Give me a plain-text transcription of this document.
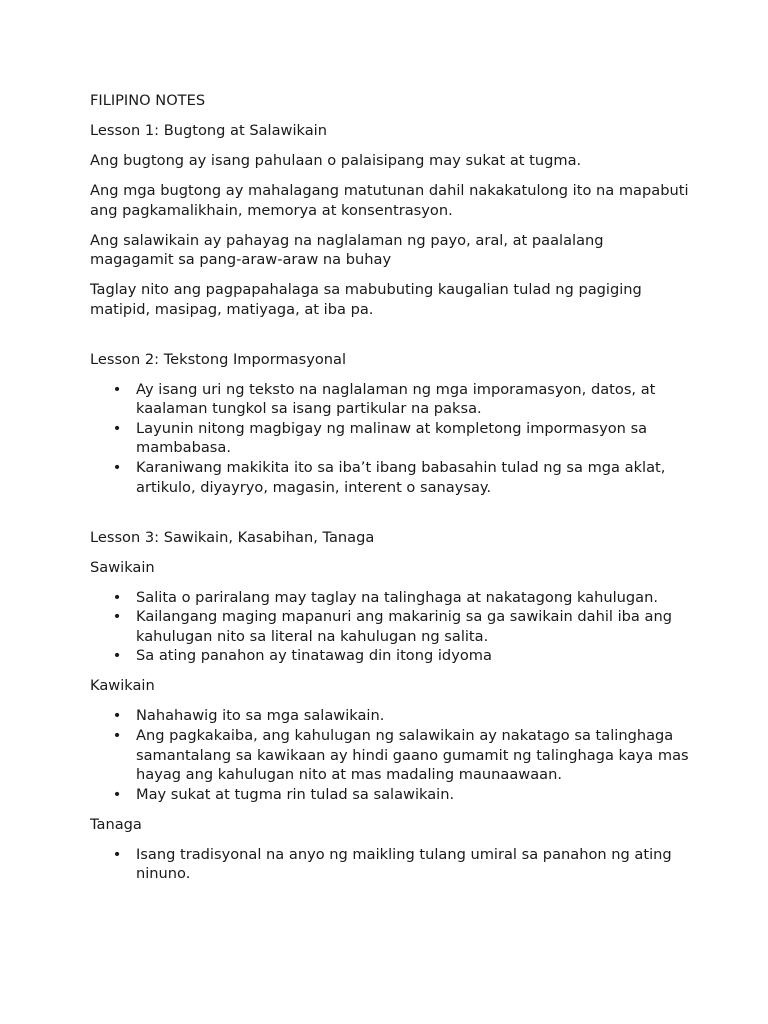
FILIPINO NOTES

Lesson 1: Bugtong at Salawikain

Ang bugtong ay isang pahulaan o palaisipang may sukat at tugma.

Ang mga bugtong ay mahalagang matutunan dahil nakakatulong ito na mapabuti ang pagkamalikhain, memorya at konsentrasyon.

Ang salawikain ay pahayag na naglalaman ng payo, aral, at paalalang magagamit sa pang-araw-araw na buhay

Taglay nito ang pagpapahalaga sa mabubuting kaugalian tulad ng pagiging matipid, masipag, matiyaga, at iba pa.

Lesson 2: Tekstong Impormasyonal

• Ay isang uri ng teksto na naglalaman ng mga imporamasyon, datos, at kaalaman tungkol sa isang partikular na paksa.
• Layunin nitong magbigay ng malinaw at kompletong impormasyon sa mambabasa.
• Karaniwang makikita ito sa iba’t ibang babasahin tulad ng sa mga aklat, artikulo, diyayryo, magasin, interent o sanaysay.

Lesson 3: Sawikain, Kasabihan, Tanaga

Sawikain

• Salita o pariralang may taglay na talinghaga at nakatagong kahulugan.
• Kailangang maging mapanuri ang makarinig sa ga sawikain dahil iba ang kahulugan nito sa literal na kahulugan ng salita.
• Sa ating panahon ay tinatawag din itong idyoma

Kawikain

• Nahahawig ito sa mga salawikain.
• Ang pagkakaiba, ang kahulugan ng salawikain ay nakatago sa talinghaga samantalang sa kawikaan ay hindi gaano gumamit ng talinghaga kaya mas hayag ang kahulugan nito at mas madaling maunaawaan.
• May sukat at tugma rin tulad sa salawikain.

Tanaga

• Isang tradisyonal na anyo ng maikling tulang umiral sa panahon ng ating ninuno.
